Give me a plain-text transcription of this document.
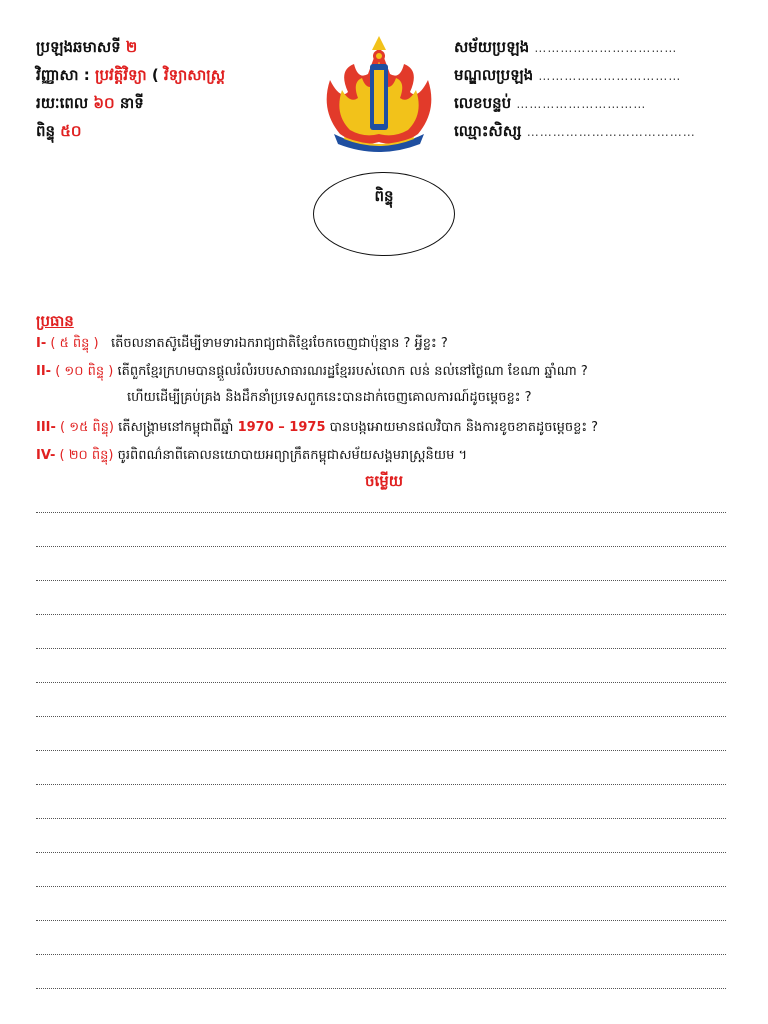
ប្រឡងឆមាសទី ២
វិញ្ញាសា : ប្រវត្តិវិទ្យា ( វិទ្យាសាស្ត្រ
រយៈពេល ៦០ នាទី
ពិន្ទុ ៥០
សម័យប្រឡង ……………………………
មណ្ឌលប្រឡង ……………………………
លេខបន្ទប់ …………………………
ឈ្មោះសិស្ស …………………………………
ពិន្ទុ
ប្រធាន
I- ( ៥ ពិន្ទុ ) តើចលនាតស៊ូដើម្បីទាមទារឯករាជ្យជាតិខ្មែរចែកចេញជាប៉ុន្មាន ? អ្វីខ្លះ ?
II- ( ១០ ពិន្ទុ ) តើពួកខ្មែរក្រហមបានផ្តួលរំលំរបបសាធារណរដ្ឋខ្មែររបស់លោក លន់ នល់នៅថ្ងៃណា ខែណា ឆ្នាំណា ?
ហើយដើម្បីគ្រប់គ្រង និងដឹកនាំប្រទេសពួកនេះបានដាក់ចេញគោលការណ៍ដូចម្តេចខ្លះ ?
III- ( ១៥ ពិន្ទុ) តើសង្គ្រាមនៅកម្ពុជាពីឆ្នាំ 1970 – 1975 បានបង្កអោយមានផលវិបាក និងការខូចខាតដូចម្តេចខ្លះ ?
IV- ( ២០ ពិន្ទុ) ចូរពិពណ៌នាពីគោលនយោបាយអព្យាក្រឹតកម្ពុជាសម័យសង្គមរាស្ត្រនិយម ។
ចម្លើយ
